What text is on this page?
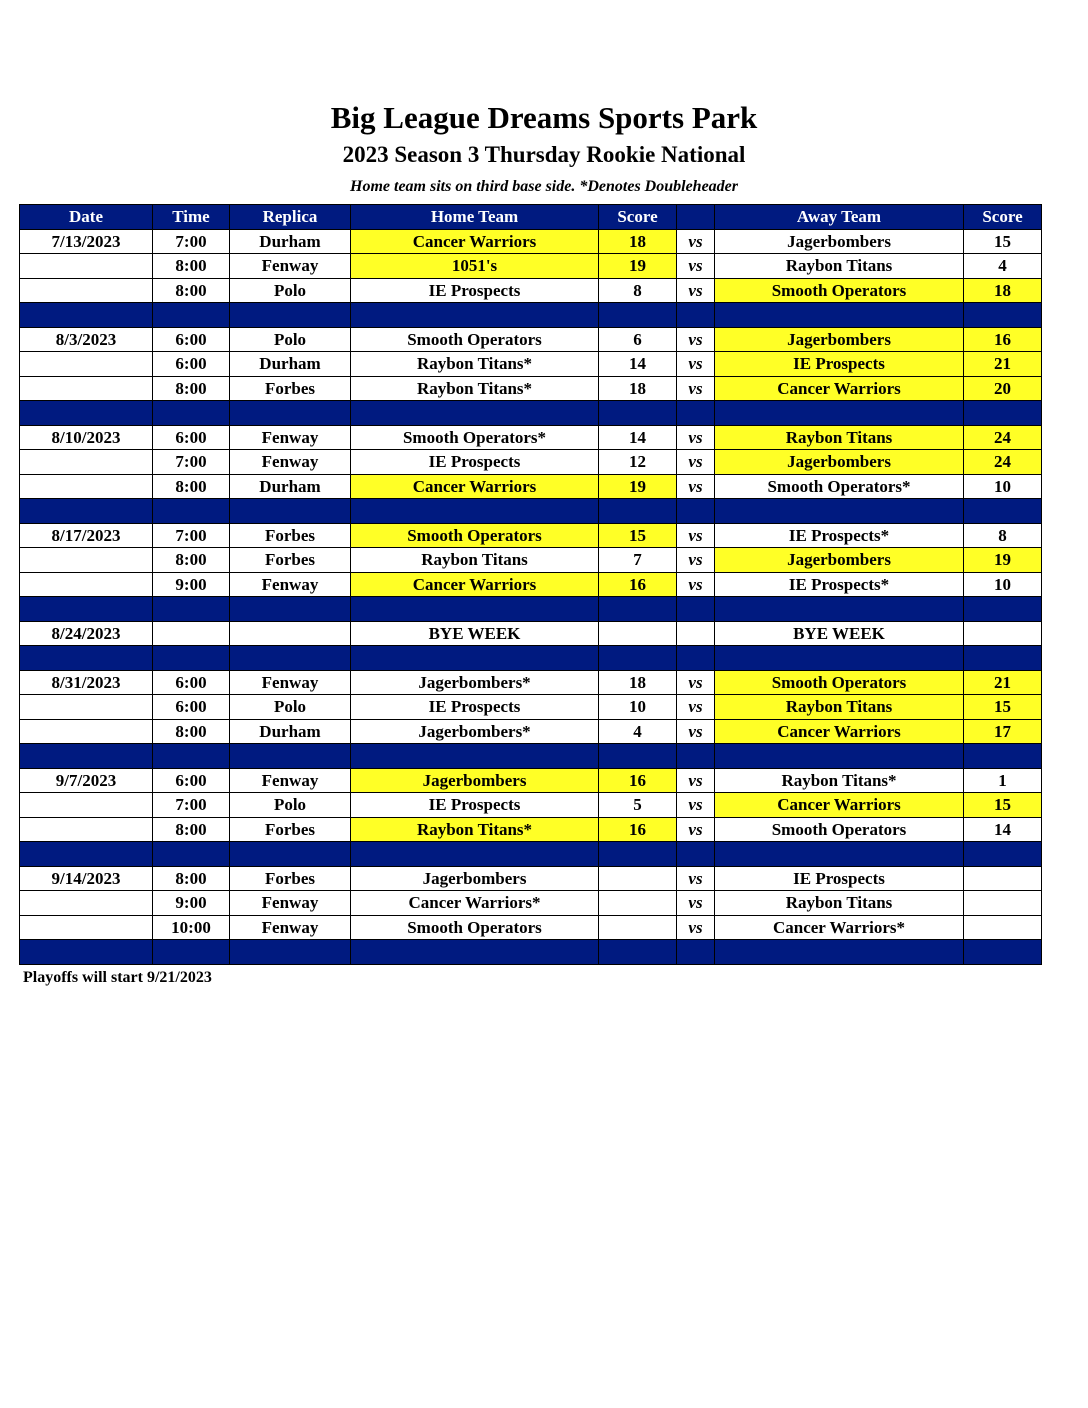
Big League Dreams Sports Park
2023 Season 3 Thursday Rookie National
Home team sits on third base side. *Denotes Doubleheader
Date	Time	Replica	Home Team	Score		Away Team	Score
7/13/2023	7:00	Durham	Cancer Warriors	18	vs	Jagerbombers	15
	8:00	Fenway	1051's	19	vs	Raybon Titans	4
	8:00	Polo	IE Prospects	8	vs	Smooth Operators	18

8/3/2023	6:00	Polo	Smooth Operators	6	vs	Jagerbombers	16
	6:00	Durham	Raybon Titans*	14	vs	IE Prospects	21
	8:00	Forbes	Raybon Titans*	18	vs	Cancer Warriors	20

8/10/2023	6:00	Fenway	Smooth Operators*	14	vs	Raybon Titans	24
	7:00	Fenway	IE Prospects	12	vs	Jagerbombers	24
	8:00	Durham	Cancer Warriors	19	vs	Smooth Operators*	10

8/17/2023	7:00	Forbes	Smooth Operators	15	vs	IE Prospects*	8
	8:00	Forbes	Raybon Titans	7	vs	Jagerbombers	19
	9:00	Fenway	Cancer Warriors	16	vs	IE Prospects*	10

8/24/2023			BYE WEEK			BYE WEEK	

8/31/2023	6:00	Fenway	Jagerbombers*	18	vs	Smooth Operators	21
	6:00	Polo	IE Prospects	10	vs	Raybon Titans	15
	8:00	Durham	Jagerbombers*	4	vs	Cancer Warriors	17

9/7/2023	6:00	Fenway	Jagerbombers	16	vs	Raybon Titans*	1
	7:00	Polo	IE Prospects	5	vs	Cancer Warriors	15
	8:00	Forbes	Raybon Titans*	16	vs	Smooth Operators	14

9/14/2023	8:00	Forbes	Jagerbombers		vs	IE Prospects	
	9:00	Fenway	Cancer Warriors*		vs	Raybon Titans	
	10:00	Fenway	Smooth Operators		vs	Cancer Warriors*	

Playoffs will start 9/21/2023
